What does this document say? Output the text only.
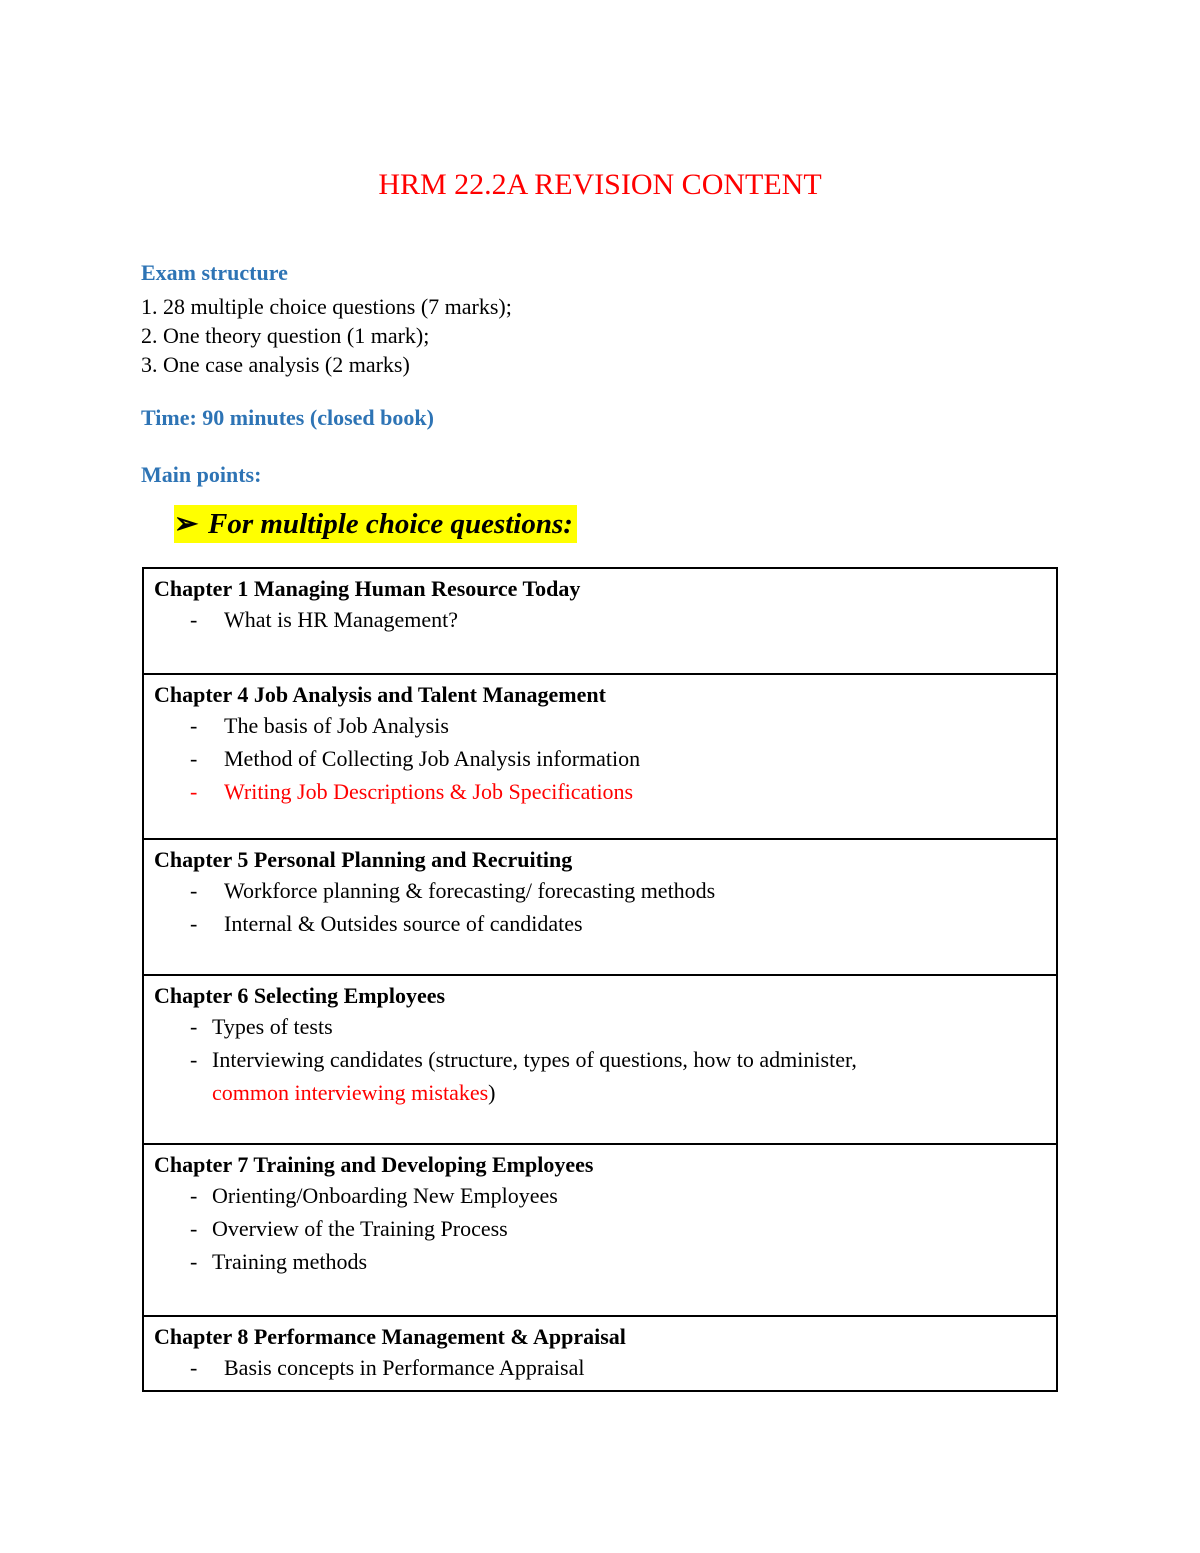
HRM 22.2A REVISION CONTENT
Exam structure
1. 28 multiple choice questions (7 marks);
2. One theory question (1 mark);
3. One case analysis (2 marks)
Time: 90 minutes (closed book)
Main points:
➢ For multiple choice questions:
Chapter 1 Managing Human Resource Today
- What is HR Management?
Chapter 4 Job Analysis and Talent Management
- The basis of Job Analysis
- Method of Collecting Job Analysis information
- Writing Job Descriptions & Job Specifications
Chapter 5 Personal Planning and Recruiting
- Workforce planning & forecasting/ forecasting methods
- Internal & Outsides source of candidates
Chapter 6 Selecting Employees
- Types of tests
- Interviewing candidates (structure, types of questions, how to administer,
common interviewing mistakes)
Chapter 7 Training and Developing Employees
- Orienting/Onboarding New Employees
- Overview of the Training Process
- Training methods
Chapter 8 Performance Management & Appraisal
- Basis concepts in Performance Appraisal
